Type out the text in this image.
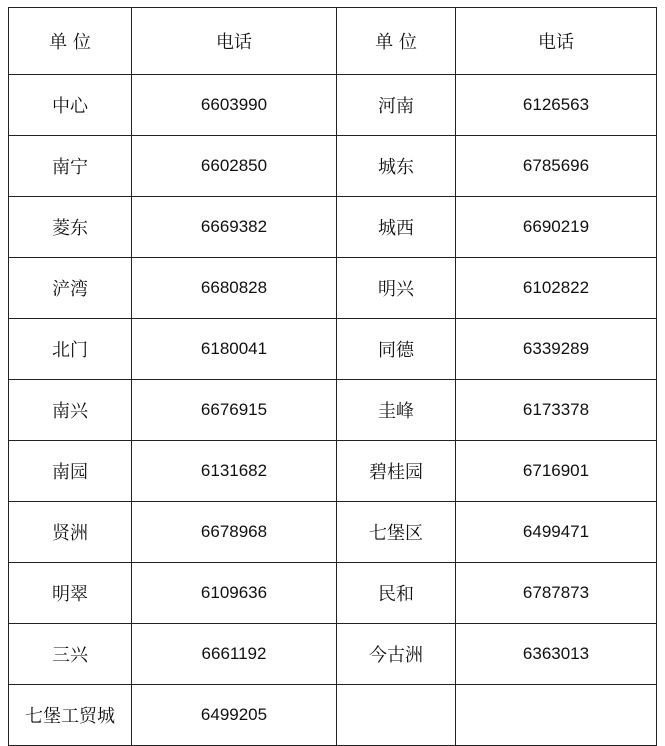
单 位	电话	单 位	电话
中心	6603990	河南	6126563
南宁	6602850	城东	6785696
菱东	6669382	城西	6690219
浐湾	6680828	明兴	6102822
北门	6180041	同德	6339289
南兴	6676915	圭峰	6173378
南园	6131682	碧桂园	6716901
贤洲	6678968	七堡区	6499471
明翠	6109636	民和	6787873
三兴	6661192	今古洲	6363013
七堡工贸城	6499205		
